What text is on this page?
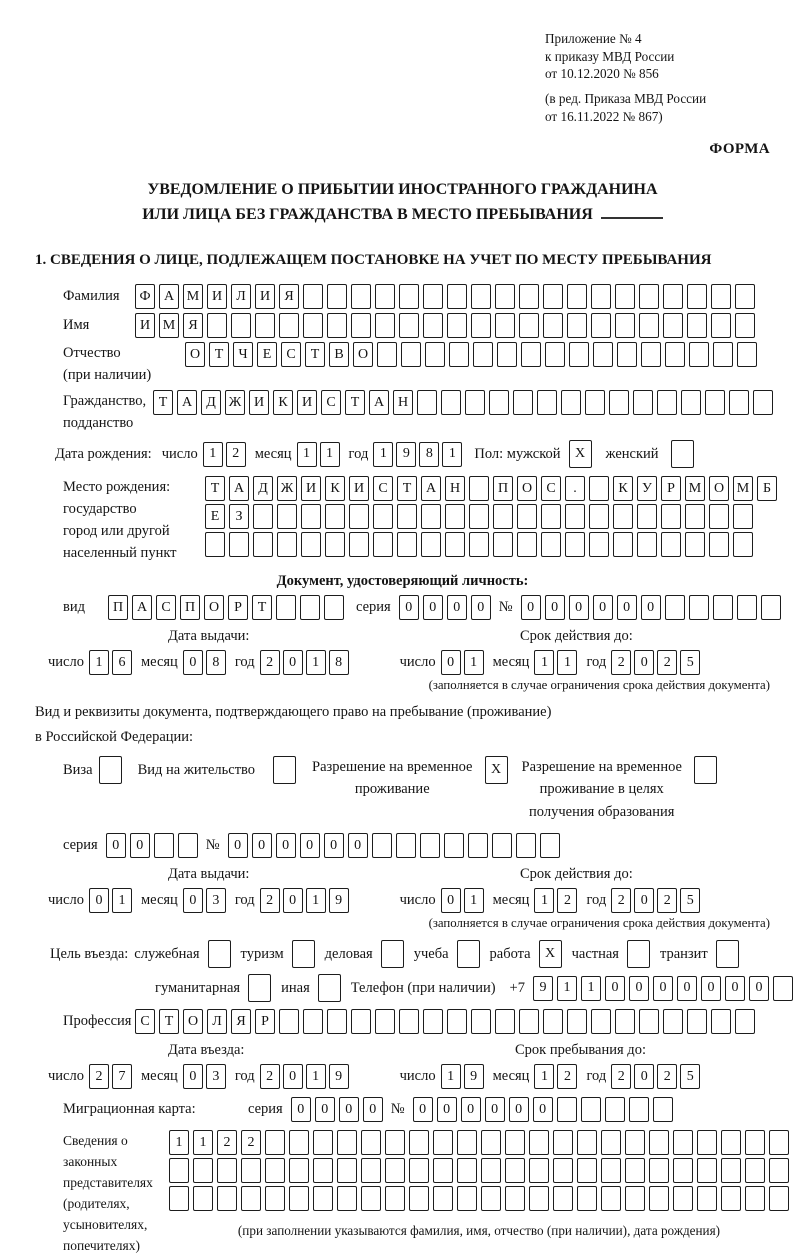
Приложение № 4
к приказу МВД России
от 10.12.2020 № 856
(в ред. Приказа МВД России
от 16.11.2022 № 867)
ФОРМА
УВЕДОМЛЕНИЕ О ПРИБЫТИИ ИНОСТРАННОГО ГРАЖДАНИНА
ИЛИ ЛИЦА БЕЗ ГРАЖДАНСТВА В МЕСТО ПРЕБЫВАНИЯ
1. СВЕДЕНИЯ О ЛИЦЕ, ПОДЛЕЖАЩЕМ ПОСТАНОВКЕ НА УЧЕТ ПО МЕСТУ ПРЕБЫВАНИЯ
Фамилия	Ф А М И	Л	И	Я
Имя	И М Я
Отчество
(при наличии)
О	Т	Ч	Е	С	Т	В	О
Гражданство,
подданство
Т	А	Д Ж И	К	И	С	Т	А Н
Дата рождения: число 1	2	месяц 1	1	год 1	9	8	1	Пол: мужской	X	женский
Место рождения:
государство
город или другой
населенный пункт
Т	А	Д Ж И	К	И	С	Т	А Н	П О	С	.	К	У	Р М О М Б
Е	З
Документ, удостоверяющий личность:
вид	П А	С	П О	Р	Т	серия	0	0	0	0	№	0	0	0	0	0	0
Дата выдачи:	Срок действия до:
число 1	6	месяц 0	8	год 2	0	1	8	число 0	1	месяц 1	1	год 2	0	2	5
(заполняется в случае ограничения срока действия документа)
Вид и реквизиты документа, подтверждающего право на пребывание (проживание)
в Российской Федерации:
Виза	Вид на жительство	Разрешение на временное
проживание
X	Разрешение на временное
проживание в целях
получения образования
серия	0	0	№	0	0	0	0	0	0
Дата выдачи:	Срок действия до:
число 0	1	месяц 0	3	год 2	0	1	9	число 0	1	месяц 1	2	год 2	0	2	5
(заполняется в случае ограничения срока действия документа)
Цель въезда: служебная	туризм	деловая	учеба	работа	X	частная	транзит
гуманитарная	иная	Телефон (при наличии) +7	9	1	1	0	0	0	0	0	0	0
Профессия С	Т	О	Л	Я	Р
Дата въезда:	Срок пребывания до:
число 2	7	месяц 0	3	год 2	0	1	9	число 1	9	месяц 1	2	год 2	0	2	5
Миграционная карта:	серия	0	0	0	0	№	0	0	0	0	0	0
Сведения о
законных
представителях
(родителях,
усыновителях,
попечителях)
1	1	2	2
(при заполнении указываются фамилия, имя, отчество (при наличии), дата рождения)
